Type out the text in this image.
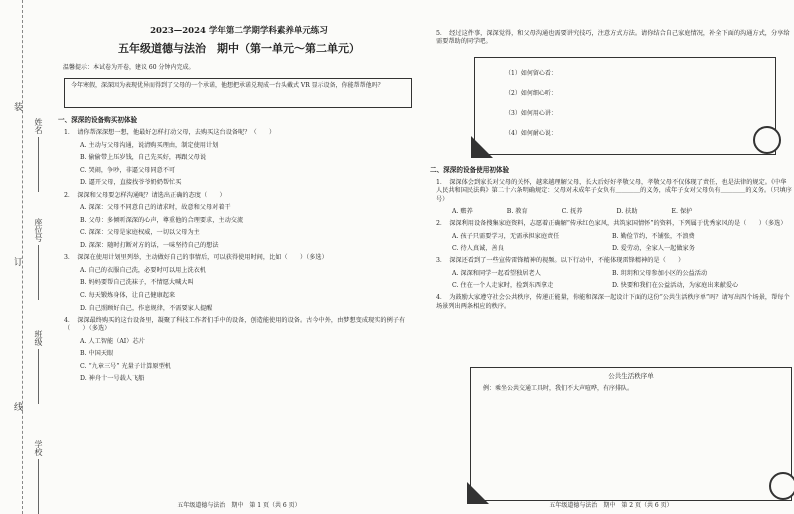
姓名
座位号
班级
学校
装
订
线
2023—2024 学年第二学期学科素养单元练习
五年级道德与法治　期中（第一单元～第二单元）
温馨提示：本试卷为开卷，建议 60 分钟内完成。
今年寒假，深深因为表现优异而得到了父母的一个承诺，他想把承诺兑现成一台头戴式 VR 显示设备，你能帮帮他吗？
一、深深的设备购买初体验
1．　请你帮深深想一想，他最好怎样打动父母，去购买这台设备呢？（　　）
A. 主动与父母沟通，说清购买理由，制定使用计划
B. 偷偷带上压岁钱，自己先买好，再跟父母说
C. 哭闹，争吵，非逼父母同意不可
D. 逼开父母，直接找爷爷奶奶帮忙买
2．　深深和父母要怎样沟通呢？请选出正确的态度（　　）
A. 深深：父母不同意自己的请求时，故意和父母对着干
B. 父母：多倾听深深的心声，尊重他的合理要求，主动交流
C. 深深：父母是家庭权威，一切以父母为主
D. 深深：随时打断对方的话，一味坚持自己的想法
3．　深深在使用计划里列举，主动做好自己的事情后，可以获得使用时间，比如（　　）（多选）
A. 自己的衣服自己洗，必要时可以用上洗衣机
B. 妈妈要帮自己洗袜子，不情愿大喊大叫
C. 每天锻炼身体，让自己健康起来
D. 自己照顾好自己，作息规律，不需要家人提醒
4．　深深最终购买的这台设备里，凝聚了科技工作者们手中的设备，创造能使用的设备。古今中外，由梦想变成现实的例子有（　　）（多选）
A. 人工智能（AI）芯片
B. 中国天眼
C. “九章三号” 光量子计算原型机
D. 神舟十一号载人飞船
五年级道德与法治　期中　第 1 页（共 6 页）
5．　经过这件事，深深觉得，和父母沟通也需要讲究技巧，注意方式方法。请你结合自己家庭情况，补全下面的沟通方式，分享给需要帮助的同学吧。
（1）如何留心看：
（2）如何细心听：
（3）如何用心讲：
（4）如何耐心说：
二、深深的设备使用初体验
1．　深深体会到家长对父母的关怀，越来越理解父母，长大后好好孝敬父母，孝敬父母不仅体现了责任，也是法律的规定。《中华人民共和国民法典》第二十六条明确规定：父母对未成年子女负有＿＿＿＿的义务，成年子女对父母负有＿＿＿＿的义务。（只填序号）
A. 赡养	B. 教育	C. 抚养	D. 扶助	E. 保护
2．　深深利用设备搜集家庭资料，志愿着正确解“传承红色家风，共筑家国情怀”的资料，下列属于优秀家风的是（　　）（多选）
A. 孩子只需要学习，无需承担家庭责任	B. 勤俭节约，不铺张，不浪费
C. 待人真诚，善良	D. 爱劳动，全家人一起做家务
3．　深深还看到了一些宣传雷锋精神的视频。以下行动中，不能体现雷锋精神的是（　　）
A. 深深和同学一起看望独居老人	B. 玥玥和父母参加小区的公益活动
C. 住在一个人走家时，捡到东西拿走	D. 快要和我们在公益活动，为家庭出来献爱心
4．　为鼓励大家遵守社会公共秩序，传递正能量，你能和深深一起设计下面的这份“公共生活秩序单”吗？请写出四个场景，帮每个场景列出两条相应的秩序。
公共生活秩序单
例：乘坐公共交通工具时，我们不大声喧哗，有序排队。
五年级道德与法治　期中　第 2 页（共 6 页）
